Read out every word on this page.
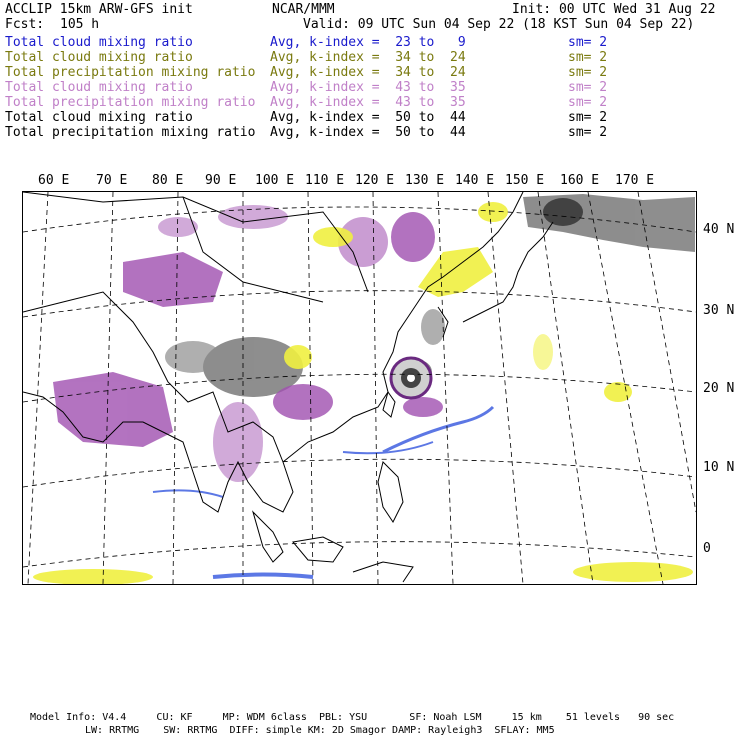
ACCLIP 15km ARW-GFS init	NCAR/MMM	Init: 00 UTC Wed 31 Aug 22
Fcst: 105 h	Valid: 09 UTC Sun 04 Sep 22 (18 KST Sun 04 Sep 22)
Total cloud mixing ratio	Avg, k-index =  23 to   9	sm= 2
Total cloud mixing ratio	Avg, k-index =  34 to  24	sm= 2
Total precipitation mixing ratio Avg, k-index =  34 to  24	sm= 2
Total cloud mixing ratio	Avg, k-index =  43 to  35	sm= 2
Total precipitation mixing ratio Avg, k-index =  43 to  35	sm= 2
Total cloud mixing ratio	Avg, k-index =  50 to  44	sm= 2
Total precipitation mixing ratio Avg, k-index =  50 to  44	sm= 2
60 E 70 E 80 E 90 E 100 E 110 E 120 E 130 E 140 E 150 E 160 E 170 E
40 N
30 N
20 N
10 N
0
Model Info: V4.4     CU: KF     MP: WDM 6class  PBL: YSU       SF: Noah LSM     15 km    51 levels   90 sec
LW: RRTMG    SW: RRTMG  DIFF: simple KM: 2D Smagor DAMP: Rayleigh3  SFLAY: MM5
